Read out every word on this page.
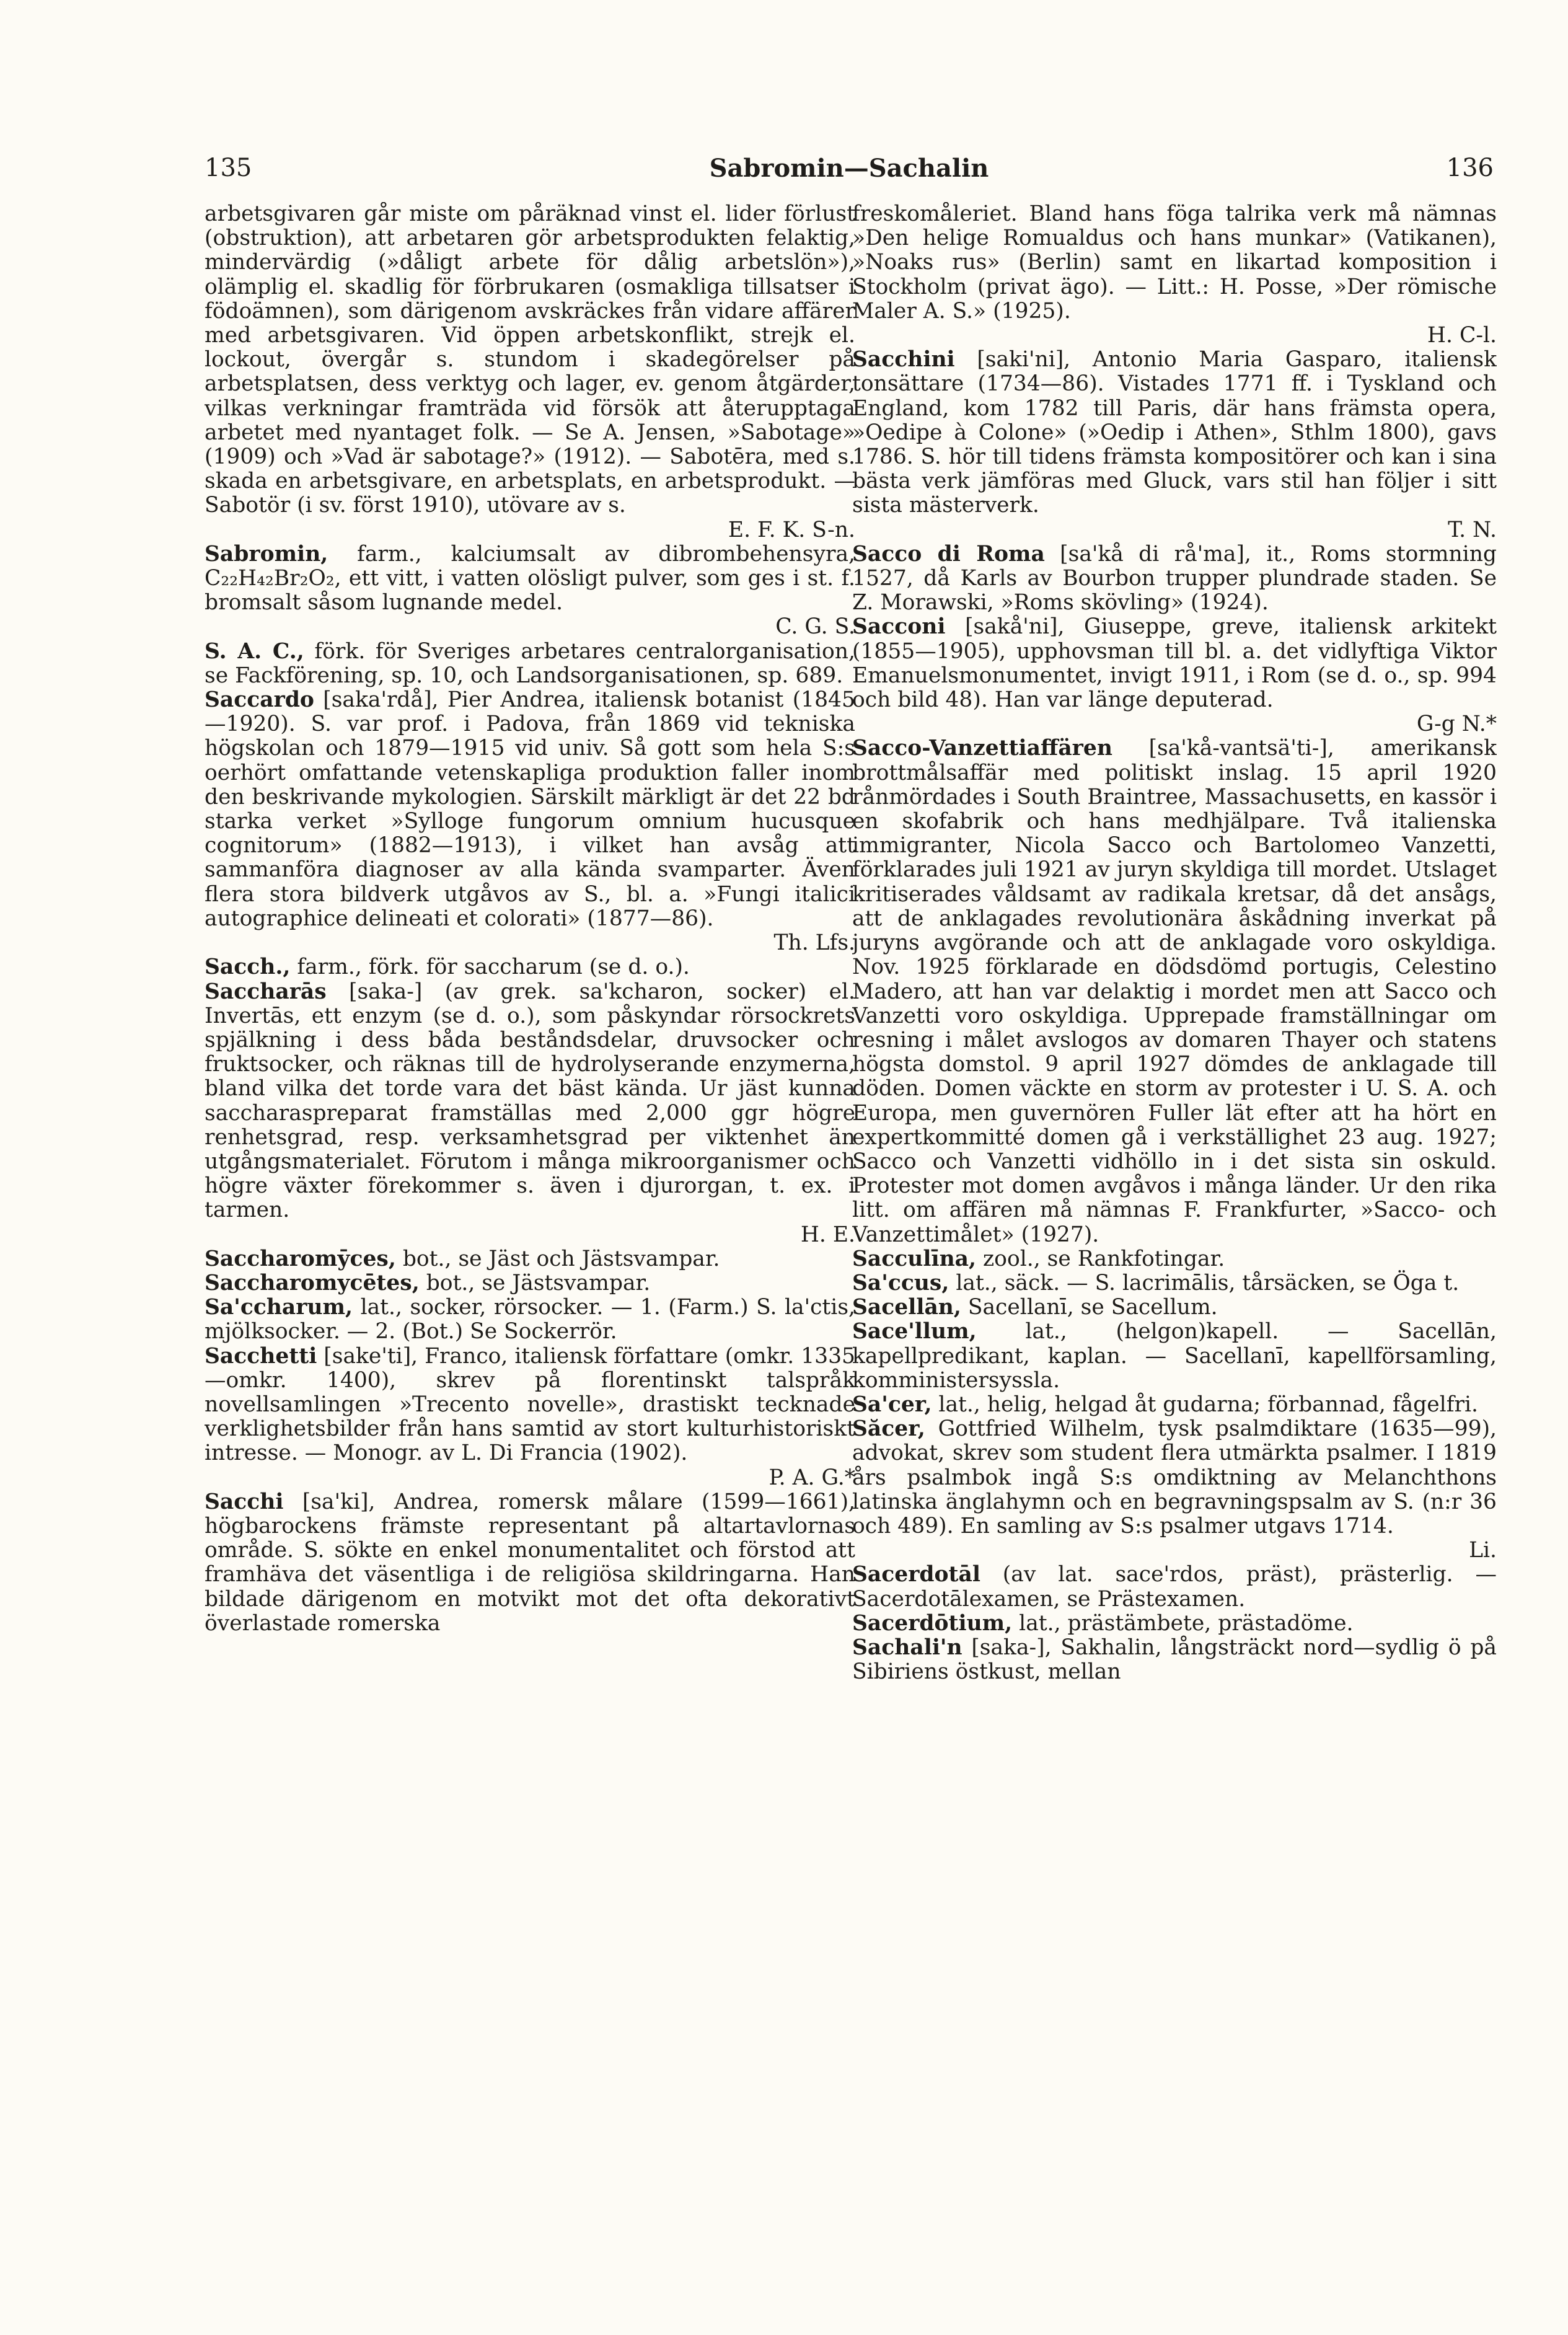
135	Sabromin—Sachalin	136

arbetsgivaren går miste om påräknad vinst el. lider förlust (obstruktion), att arbetaren gör arbetsprodukten felaktig, mindervärdig (»dåligt arbete för dålig arbetslön»), olämplig el. skadlig för förbrukaren (osmakliga tillsatser i födoämnen), som därigenom avskräckes från vidare affärer med arbetsgivaren. Vid öppen arbetskonflikt, strejk el. lockout, övergår s. stundom i skadegörelser på arbetsplatsen, dess verktyg och lager, ev. genom åtgärder, vilkas verkningar framträda vid försök att återupptaga arbetet med nyantaget folk. — Se A. Jensen, »Sabotage» (1909) och »Vad är sabotage?» (1912). — Sabotēra, med s. skada en arbetsgivare, en arbetsplats, en arbetsprodukt. — Sabotör (i sv. först 1910), utövare av s.
E. F. K. S-n.

Sabromin, farm., kalciumsalt av dibrombehensyra, C₂₂H₄₂Br₂O₂, ett vitt, i vatten olösligt pulver, som ges i st. f. bromsalt såsom lugnande medel.
C. G. S.

S. A. C., förk. för Sveriges arbetares centralorganisation, se Fackförening, sp. 10, och Landsorganisationen, sp. 689.

Saccardo [saka'rdå], Pier Andrea, italiensk botanist (1845—1920). S. var prof. i Padova, från 1869 vid tekniska högskolan och 1879—1915 vid univ. Så gott som hela S:s oerhört omfattande vetenskapliga produktion faller inom den beskrivande mykologien. Särskilt märkligt är det 22 bd starka verket »Sylloge fungorum omnium hucusque cognitorum» (1882—1913), i vilket han avsåg att sammanföra diagnoser av alla kända svamparter. Även flera stora bildverk utgåvos av S., bl. a. »Fungi italici autographice delineati et colorati» (1877—86).
Th. Lfs.

Sacch., farm., förk. för saccharum (se d. o.).

Saccharās [saka-] (av grek. sa'kcharon, socker) el. Invertās, ett enzym (se d. o.), som påskyndar rörsockrets spjälkning i dess båda beståndsdelar, druvsocker och fruktsocker, och räknas till de hydrolyserande enzymerna, bland vilka det torde vara det bäst kända. Ur jäst kunna saccharaspreparat framställas med 2,000 ggr högre renhetsgrad, resp. verksamhetsgrad per viktenhet än utgångsmaterialet. Förutom i många mikroorganismer och högre växter förekommer s. även i djurorgan, t. ex. i tarmen.
H. E.

Saccharomȳces, bot., se Jäst och Jästsvampar.

Saccharomycētes, bot., se Jästsvampar.

Sa'ccharum, lat., socker, rörsocker. — 1. (Farm.) S. la'ctis, mjölksocker. — 2. (Bot.) Se Sockerrör.

Sacchetti [sake'ti], Franco, italiensk författare (omkr. 1335—omkr. 1400), skrev på florentinskt talspråk novellsamlingen »Trecento novelle», drastiskt tecknade verklighetsbilder från hans samtid av stort kulturhistoriskt intresse. — Monogr. av L. Di Francia (1902).
P. A. G.*

Sacchi [sa'ki], Andrea, romersk målare (1599—1661), högbarockens främste representant på altartavlornas område. S. sökte en enkel monumentalitet och förstod att framhäva det väsentliga i de religiösa skildringarna. Han bildade därigenom en motvikt mot det ofta dekorativt överlastade romerska

freskomåleriet. Bland hans föga talrika verk må nämnas »Den helige Romualdus och hans munkar» (Vatikanen), »Noaks rus» (Berlin) samt en likartad komposition i Stockholm (privat ägo). — Litt.: H. Posse, »Der römische Maler A. S.» (1925).
H. C-l.

Sacchini [saki'ni], Antonio Maria Gasparo, italiensk tonsättare (1734—86). Vistades 1771 ff. i Tyskland och England, kom 1782 till Paris, där hans främsta opera, »Oedipe à Colone» (»Oedip i Athen», Sthlm 1800), gavs 1786. S. hör till tidens främsta kompositörer och kan i sina bästa verk jämföras med Gluck, vars stil han följer i sitt sista mästerverk.
T. N.

Sacco di Roma [sa'kå di rå'ma], it., Roms stormning 1527, då Karls av Bourbon trupper plundrade staden. Se Z. Morawski, »Roms skövling» (1924).

Sacconi [sakå'ni], Giuseppe, greve, italiensk arkitekt (1855—1905), upphovsman till bl. a. det vidlyftiga Viktor Emanuelsmonumentet, invigt 1911, i Rom (se d. o., sp. 994 och bild 48). Han var länge deputerad.
G-g N.*

Sacco-Vanzettiaffären [sa'kå-vantsä'ti-], amerikansk brottmålsaffär med politiskt inslag. 15 april 1920 rånmördades i South Braintree, Massachusetts, en kassör i en skofabrik och hans medhjälpare. Två italienska immigranter, Nicola Sacco och Bartolomeo Vanzetti, förklarades juli 1921 av juryn skyldiga till mordet. Utslaget kritiserades våldsamt av radikala kretsar, då det ansågs, att de anklagades revolutionära åskådning inverkat på juryns avgörande och att de anklagade voro oskyldiga. Nov. 1925 förklarade en dödsdömd portugis, Celestino Madero, att han var delaktig i mordet men att Sacco och Vanzetti voro oskyldiga. Upprepade framställningar om resning i målet avslogos av domaren Thayer och statens högsta domstol. 9 april 1927 dömdes de anklagade till döden. Domen väckte en storm av protester i U. S. A. och Europa, men guvernören Fuller lät efter att ha hört en expertkommitté domen gå i verkställighet 23 aug. 1927; Sacco och Vanzetti vidhöllo in i det sista sin oskuld. Protester mot domen avgåvos i många länder. Ur den rika litt. om affären må nämnas F. Frankfurter, »Sacco- och Vanzettimålet» (1927).

Sacculīna, zool., se Rankfotingar.

Sa'ccus, lat., säck. — S. lacrimālis, tårsäcken, se Öga t.

Sacellān, Sacellanī, se Sacellum.

Sace'llum, lat., (helgon)kapell. — Sacellān, kapellpredikant, kaplan. — Sacellanī, kapellförsamling, komministersyssla.

Sa'cer, lat., helig, helgad åt gudarna; förbannad, fågelfri.

Săcer, Gottfried Wilhelm, tysk psalmdiktare (1635—99), advokat, skrev som student flera utmärkta psalmer. I 1819 års psalmbok ingå S:s omdiktning av Melanchthons latinska änglahymn och en begravningspsalm av S. (n:r 36 och 489). En samling av S:s psalmer utgavs 1714.
Li.

Sacerdotāl (av lat. sace'rdos, präst), prästerlig. — Sacerdotālexamen, se Prästexamen.

Sacerdōtium, lat., prästämbete, prästadöme.

Sachali'n [saka-], Sakhalin, långsträckt nord—sydlig ö på Sibiriens östkust, mellan
